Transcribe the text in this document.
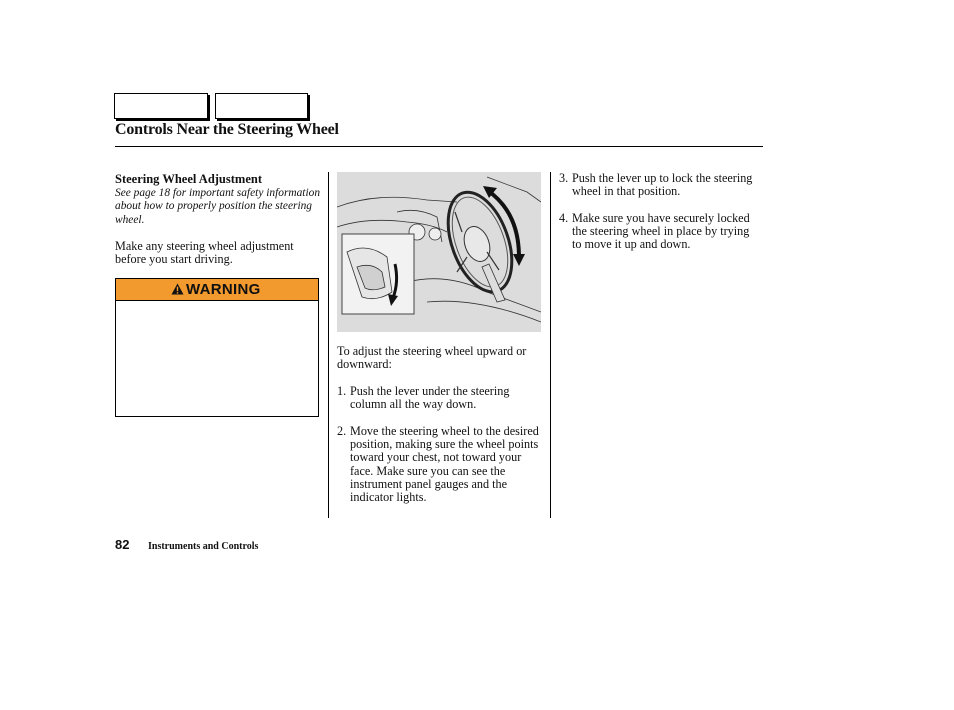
Controls Near the Steering Wheel
Steering Wheel Adjustment
See page 18 for important safety information about how to properly position the steering wheel.
Make any steering wheel adjustment before you start driving.
WARNING
To adjust the steering wheel upward or downward:
1. Push the lever under the steering column all the way down.
2. Move the steering wheel to the desired position, making sure the wheel points toward your chest, not toward your face. Make sure you can see the instrument panel gauges and the indicator lights.
3. Push the lever up to lock the steering wheel in that position.
4. Make sure you have securely locked the steering wheel in place by trying to move it up and down.
82 Instruments and Controls
